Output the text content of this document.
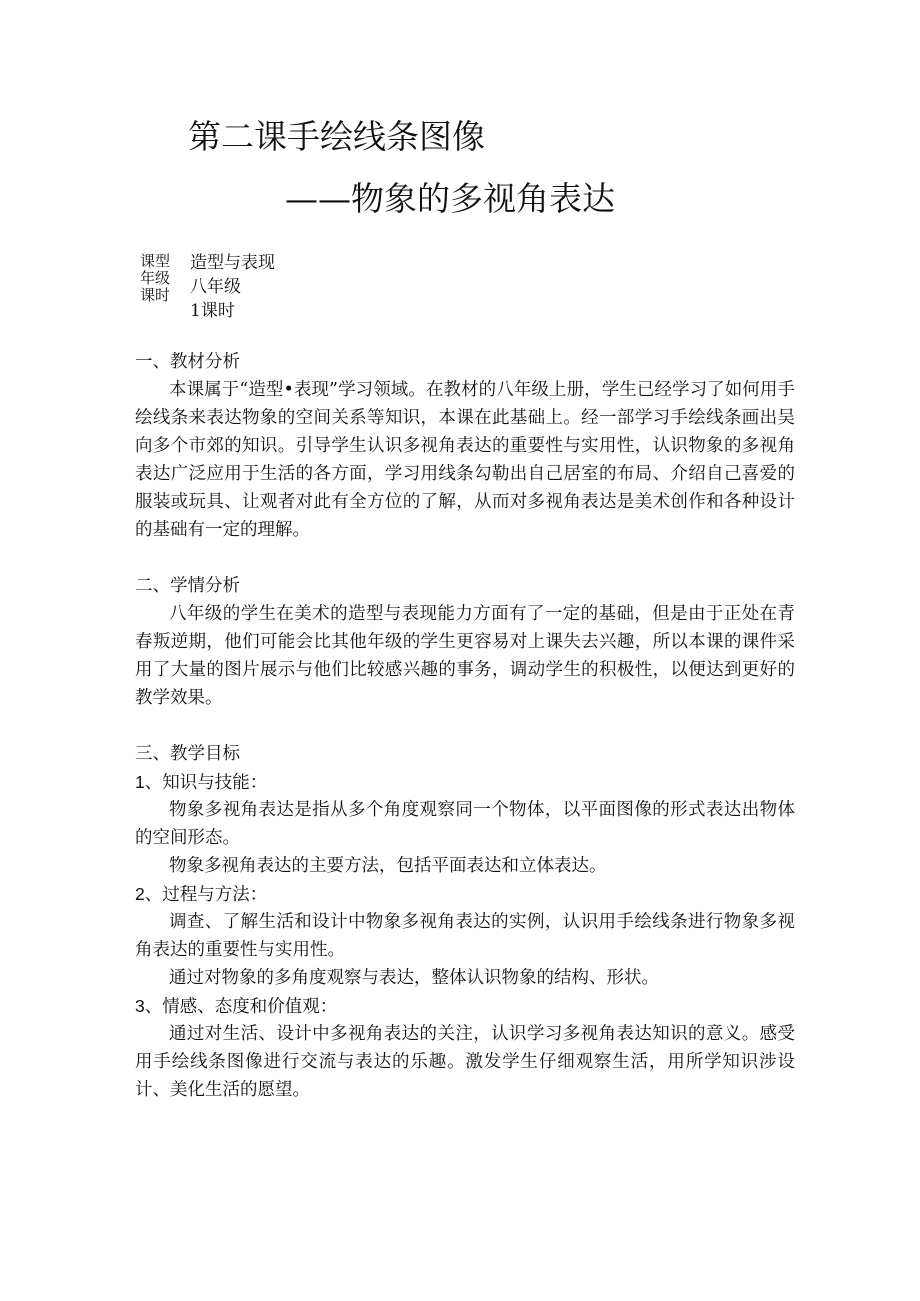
第二课手绘线条图像
——物象的多视角表达
课型
年级
课时
造型与表现
八年级
1课时

一、教材分析

本课属于“造型•表现”学习领域。在教材的八年级上册，学生已经学习了如何用手绘线条来表达物象的空间关系等知识，本课在此基础上。经一部学习手绘线条画出吴向多个市郊的知识。引导学生认识多视角表达的重要性与实用性，认识物象的多视角表达广泛应用于生活的各方面，学习用线条勾勒出自己居室的布局、介绍自己喜爱的服装或玩具、让观者对此有全方位的了解，从而对多视角表达是美术创作和各种设计的基础有一定的理解。

二、学情分析

八年级的学生在美术的造型与表现能力方面有了一定的基础，但是由于正处在青春叛逆期，他们可能会比其他年级的学生更容易对上课失去兴趣，所以本课的课件采用了大量的图片展示与他们比较感兴趣的事务，调动学生的积极性，以便达到更好的教学效果。

三、教学目标

1、知识与技能：

物象多视角表达是指从多个角度观察同一个物体，以平面图像的形式表达出物体的空间形态。

物象多视角表达的主要方法，包括平面表达和立体表达。

2、过程与方法：

调查、了解生活和设计中物象多视角表达的实例，认识用手绘线条进行物象多视角表达的重要性与实用性。

通过对物象的多角度观察与表达，整体认识物象的结构、形状。

3、情感、态度和价值观：

通过对生活、设计中多视角表达的关注，认识学习多视角表达知识的意义。感受用手绘线条图像进行交流与表达的乐趣。激发学生仔细观察生活，用所学知识涉设计、美化生活的愿望。
